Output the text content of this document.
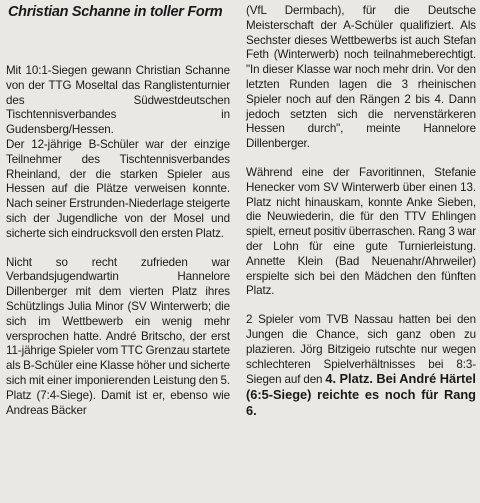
Christian Schanne in toller Form

Mit 10:1-Siegen gewann Christian Schanne von der TTG Moseltal das Ranglistenturnier des Südwestdeutschen Tischtennisverbandes in Gudensberg/Hessen.

Der 12-jährige B-Schüler war der einzige Teilnehmer des Tischtennisverbandes Rheinland, der die starken Spieler aus Hessen auf die Plätze verweisen konnte. Nach seiner Erstrunden-Niederlage steigerte sich der Jugendliche von der Mosel und sicherte sich eindrucksvoll den ersten Platz.

Nicht so recht zufrieden war Verbandsjugendwartin Hannelore Dillenberger mit dem vierten Platz ihres Schützlings Julia Minor (SV Winterwerb; die sich im Wettbewerb ein wenig mehr versprochen hatte. André Britscho, der erst 11-jährige Spieler vom TTC Grenzau startete als B-Schüler eine Klasse höher und sicherte sich mit einer imponierenden Leistung den 5. Platz (7:4-Siege). Damit ist er, ebenso wie Andreas Bäcker

(VfL Dermbach), für die Deutsche Meisterschaft der A-Schüler qualifiziert. Als Sechster dieses Wettbewerbs ist auch Stefan Feth (Winterwerb) noch teilnahmeberechtigt. "In dieser Klasse war noch mehr drin. Vor den letzten Runden lagen die 3 rheinischen Spieler noch auf den Rängen 2 bis 4. Dann jedoch setzten sich die nervenstärkeren Hessen durch", meinte Hannelore Dillenberger.

Während eine der Favoritinnen, Stefanie Henecker vom SV Winterwerb über einen 13. Platz nicht hinauskam, konnte Anke Sieben, die Neuwiederin, die für den TTV Ehlingen spielt, erneut positiv überraschen. Rang 3 war der Lohn für eine gute Turnierleistung. Annette Klein (Bad Neuenahr/Ahrweiler) erspielte sich bei den Mädchen den fünften Platz.

2 Spieler vom TVB Nassau hatten bei den Jungen die Chance, sich ganz oben zu plazieren. Jörg Bitzigeio rutschte nur wegen schlechteren Spielverhältnisses bei 8:3-Siegen auf den 4. Platz. Bei André Härtel (6:5-Siege) reichte es noch für Rang 6.
